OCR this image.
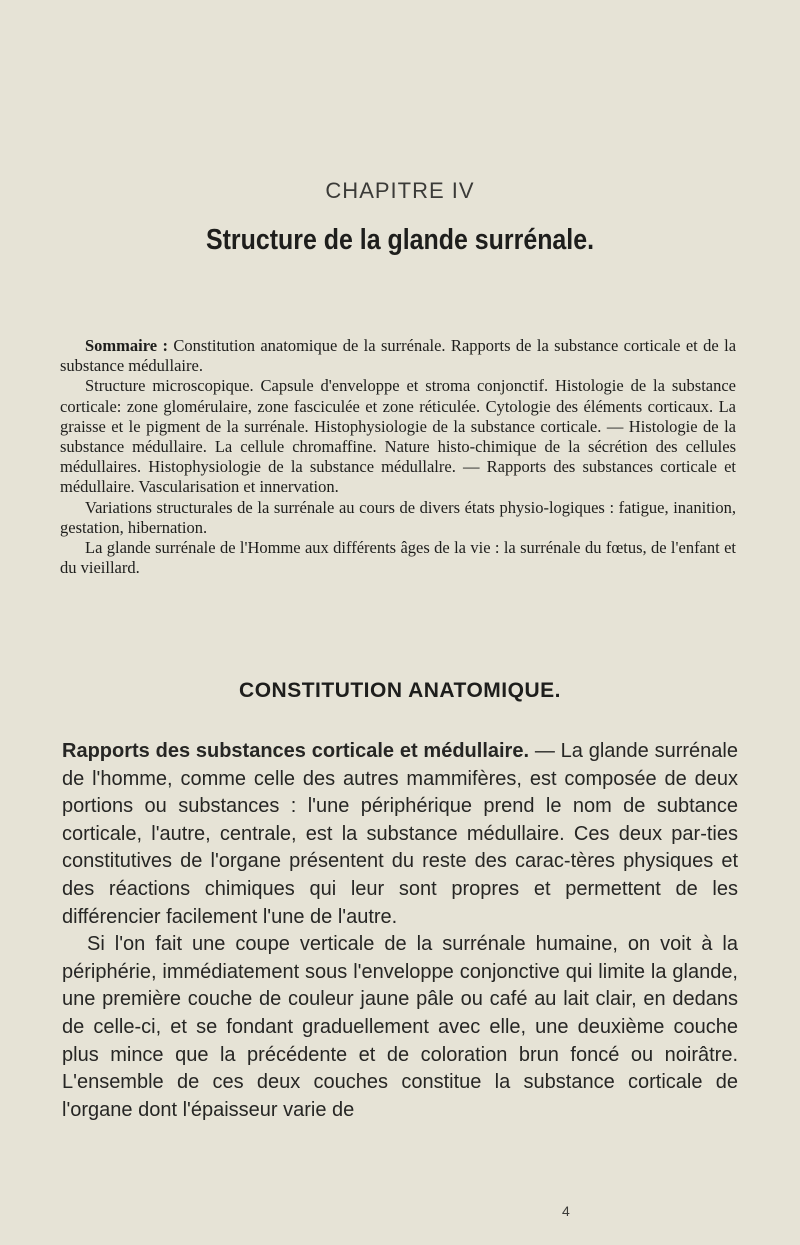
CHAPITRE IV
Structure de la glande surrénale.

Sommaire : Constitution anatomique de la surrénale. Rapports de la substance corticale et de la substance médullaire.

Structure microscopique. Capsule d'enveloppe et stroma conjonctif. Histologie de la substance corticale: zone glomérulaire, zone fasciculée et zone réticulée. Cytologie des éléments corticaux. La graisse et le pigment de la surrénale. Histophysiologie de la substance corticale. — Histologie de la substance médullaire. La cellule chromaffine. Nature histo-chimique de la sécrétion des cellules médullaires. Histophysiologie de la substance médullalre. — Rapports des substances corticale et médullaire. Vascularisation et innervation.

Variations structurales de la surrénale au cours de divers états physio-logiques : fatigue, inanition, gestation, hibernation.

La glande surrénale de l'Homme aux différents âges de la vie : la surrénale du fœtus, de l'enfant et du vieillard.

CONSTITUTION ANATOMIQUE.

Rapports des substances corticale et médullaire. — La glande surrénale de l'homme, comme celle des autres mammifères, est composée de deux portions ou substances : l'une périphérique prend le nom de subtance corticale, l'autre, centrale, est la substance médullaire. Ces deux par-ties constitutives de l'organe présentent du reste des carac-tères physiques et des réactions chimiques qui leur sont propres et permettent de les différencier facilement l'une de l'autre.

Si l'on fait une coupe verticale de la surrénale humaine, on voit à la périphérie, immédiatement sous l'enveloppe conjonctive qui limite la glande, une première couche de couleur jaune pâle ou café au lait clair, en dedans de celle-ci, et se fondant graduellement avec elle, une deuxième couche plus mince que la précédente et de coloration brun foncé ou noirâtre. L'ensemble de ces deux couches constitue la substance corticale de l'organe dont l'épaisseur varie de

4
